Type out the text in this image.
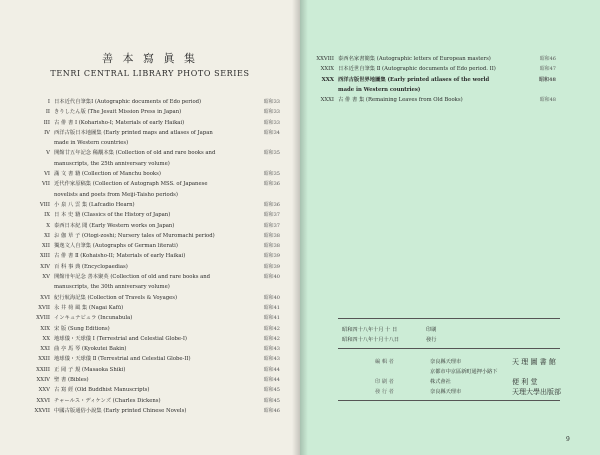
善 本 寫 眞 集
TENRI CENTRAL LIBRARY PHOTO SERIES
I 日本近代自筆集Ⅰ (Autographic documents of Edo period)	昭和33
II きりしたん版 (The Jesuit Mission Press in Japan)	昭和33
III 古 俳 書 Ⅰ (Koharisho-I; Materials of early Haikai)	昭和33
IV 西洋古版日本地圖集 (Early printed maps and atlases of Japan	昭和34
made in Western countries)
V 開館廿五年記念 稀覯本集 (Collection of old and rare books and	昭和35
manuscripts, the 25th anniversary volume)
VI 滿 文 書 籍 (Collection of Manchu books)	昭和35
VII 近代作家原稿集 (Collection of Autograph MSS. of Japanese	昭和36
novelists and poets from Meiji-Taisho periods)
VIII 小 泉 八 雲 集 (Lafcadio Hearn)	昭和36
IX 日 本 史 籍 (Classics of the History of Japan)	昭和37
X 泰西日本紀 聞 (Early Western works on Japan)	昭和37
XI お 伽 草 子 (Otogi-zoshi; Nursery tales of Muromachi period)	昭和38
XII 獨逸文人自筆集 (Autographs of German literati)	昭和38
XIII 古 俳 書 Ⅱ (Kohaisho-II; Materials of early Haikai)	昭和39
XIV 百 科 事 典 (Encyclopaedias)	昭和39
XV 開館卅年記念 善本聚英 (Collection of old and rare books and	昭和40
manuscripts, the 30th anniversary volume)
XVI 紀行航海記集 (Collection of Travels & Voyages)	昭和40
XVII 永 井 荷 風 集 (Nagai Kafū)	昭和41
XVIII インキュナビュラ (Incunabula)	昭和41
XIX 宋 版 (Sung Editions)	昭和42
XX 地球儀・天球儀 Ⅰ (Terrestrial and Celestial Globe-I)	昭和42
XXI 曲 亭 馬 琴 (Kyokutei Bakin)	昭和43
XXII 地球儀・天球儀 Ⅱ (Terrestrial and Celestial Globe-II)	昭和43
XXIII 正 岡 子 規 (Masaoka Shiki)	昭和44
XXIV 聖 書 (Bibles)	昭和44
XXV 古 寫 經 (Old Buddhist Manuscripts)	昭和45
XXVI チャールス・ディケンズ (Charles Dickens)	昭和45
XXVII 中國古版通俗小說集 (Early printed Chinese Novels)	昭和46
XXVIII 泰西名家書簡集 (Autographic letters of European masters)	昭和46
XXIX 日本近世自筆集 Ⅱ (Autographic documents of Edo period. II)	昭和47
XXX 西洋古版世界地圖集 (Early printed atlases of the world	昭和48
made in Western countries)
XXXI 古 俳 書 集 (Remaining Leaves from Old Books)	昭和48
昭和四十八年十月 十 日	印刷
昭和四十八年十月十八日	發行
編 輯 者	奈良縣天理市	天 理 圖 書 館
京都市中京區新町通押小路下
印 刷 者	株式會社	便 利 堂
發 行 者	奈良縣天理市	天理大學出版部
9
